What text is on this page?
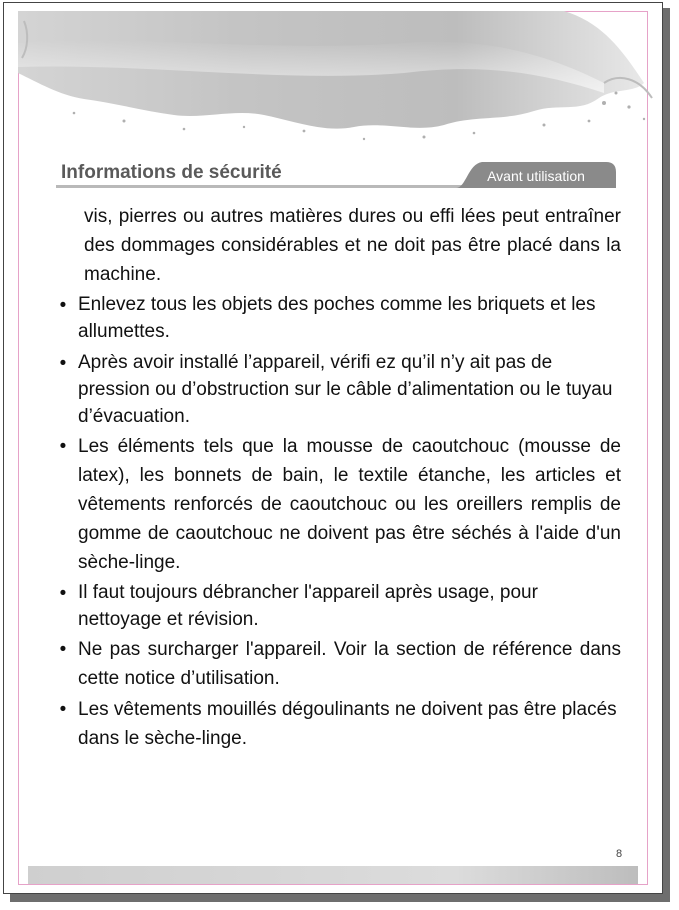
Informations de sécurité	Avant utilisation

vis, pierres ou autres matières dures ou effi lées peut entraîner des dommages considérables et ne doit pas être placé dans la machine.

• Enlevez tous les objets des poches comme les briquets et les allumettes.
• Après avoir installé l’appareil, vérifi ez qu’il n’y ait pas de pression ou d’obstruction sur le câble d’alimentation ou le tuyau d’évacuation.
• Les éléments tels que la mousse de caoutchouc (mousse de latex), les bonnets de bain, le textile étanche, les articles et vêtements renforcés de caoutchouc ou les oreillers remplis de gomme de caoutchouc ne doivent pas être séchés à l'aide d'un sèche-linge.
• Il faut toujours débrancher l'appareil après usage, pour nettoyage et révision.
• Ne pas surcharger l'appareil. Voir la section de référence dans cette notice d’utilisation.
• Les vêtements mouillés dégoulinants ne doivent pas être placés dans le sèche-linge.
8
